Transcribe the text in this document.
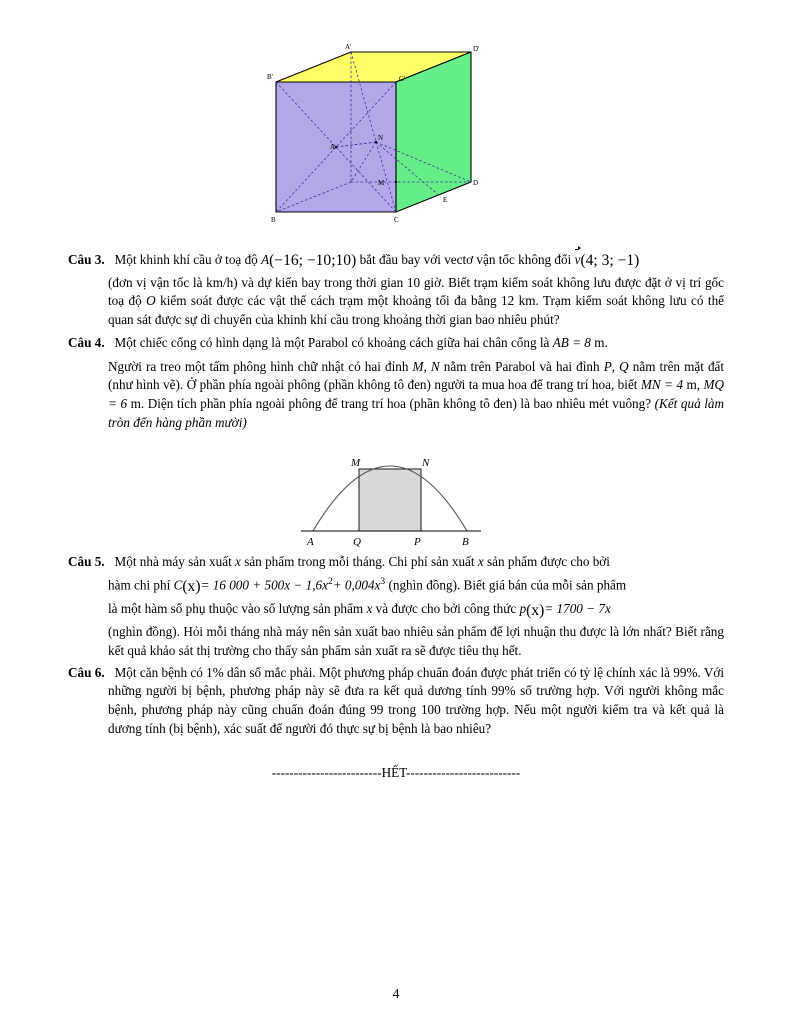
A'
B'
D'
C'
N
A
M	D
E
B	C

Câu 3. Một khinh khí cầu ở toạ độ A(−16; −10;10) bắt đầu bay với vectơ vận tốc không đổi v(4; 3; −1)

(đơn vị vận tốc là km/h) và dự kiến bay trong thời gian 10 giờ. Biết trạm kiểm soát không lưu được đặt ở vị trí gốc toạ độ O kiểm soát được các vật thể cách trạm một khoảng tối đa bằng 12 km. Trạm kiểm soát không lưu có thể quan sát được sự di chuyển của khinh khí cầu trong khoảng thời gian bao nhiêu phút?

Câu 4. Một chiếc cổng có hình dạng là một Parabol có khoảng cách giữa hai chân cổng là AB = 8 m.

Người ra treo một tấm phông hình chữ nhật có hai đỉnh M, N nằm trên Parabol và hai đỉnh P, Q nằm trên mặt đất (như hình vẽ). Ở phần phía ngoài phông (phần không tô đen) người ta mua hoa để trang trí hoa, biết MN = 4 m, MQ = 6 m. Diện tích phần phía ngoài phông để trang trí hoa (phần không tô đen) là bao nhiêu mét vuông? (Kết quả làm tròn đến hàng phần mười)

M	N
A	Q	P	B

Câu 5. Một nhà máy sản xuất x sản phẩm trong mỗi tháng. Chi phí sản xuất x sản phẩm được cho bởi

hàm chi phí C(x)= 16 $000 + 500x - 1,6x^2+ 0,004x^3$ (nghìn đồng). Biết giá bán của mỗi sản phẩm

là một hàm số phụ thuộc vào số lượng sản phẩm x và được cho bởi công thức p(x)= 1700 − 7x

(nghìn đồng). Hỏi mỗi tháng nhà máy nên sản xuất bao nhiêu sản phẩm để lợi nhuận thu được là lớn nhất? Biết rằng kết quả khảo sát thị trường cho thấy sản phẩm sản xuất ra sẽ được tiêu thụ hết.

Câu 6. Một căn bệnh có 1% dân số mắc phải. Một phương pháp chuẩn đoán được phát triển có tỷ lệ chính xác là 99%. Với những người bị bệnh, phương pháp này sẽ đưa ra kết quả dương tính 99% số trường hợp. Với người không mắc bệnh, phương pháp này cũng chuẩn đoán đúng 99 trong 100 trường hợp. Nếu một người kiểm tra và kết quả là dương tính (bị bệnh), xác suất để người đó thực sự bị bệnh là bao nhiêu?

-------------------------HẾT--------------------------
4
